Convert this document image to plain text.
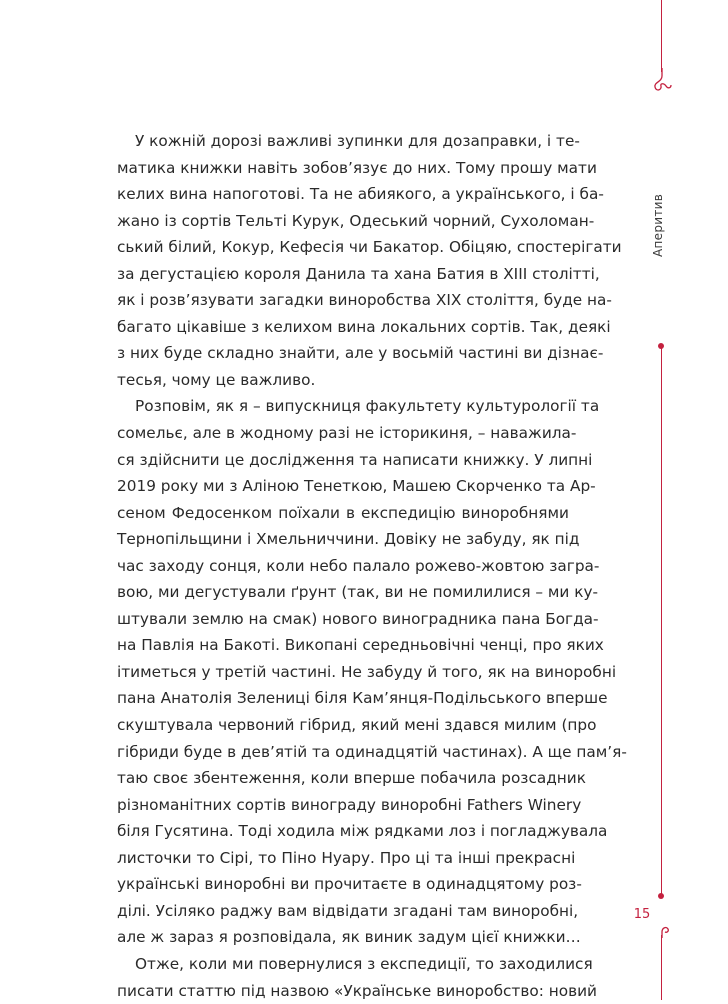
Аперитив
15
У кожній дорозі важливі зупинки для дозаправки, і те-
матика книжки навіть зобов’язує до них. Тому прошу мати
келих вина напоготові. Та не абиякого, а українського, і ба-
жано із сортів Тельті Курук, Одеський чорний, Сухоломан-
ський білий, Кокур, Кефесія чи Бакатор. Обіцяю, спостерігати
за дегустацією короля Данила та хана Батия в XIII столітті,
як і розв’язувати загадки виноробства XIX століття, буде на-
багато цікавіше з келихом вина локальних сортів. Так, деякі
з них буде складно знайти, але у восьмій частині ви дізнає-
тесья, чому це важливо.
Розповім, як я – випускниця факультету культурології та
сомельє, але в жодному разі не історикиня, – наважила-
ся здійснити це дослідження та написати книжку. У липні
2019 року ми з Аліною Тенеткою, Машею Скорченко та Ар-
сеном Федосенком поїхали в експедицію виноробнями
Тернопільщини і Хмельниччини. Довіку не забуду, як під
час заходу сонця, коли небо палало рожево-жовтою загра-
вою, ми дегустували ґрунт (так, ви не помилилися – ми ку-
штували землю на смак) нового виноградника пана Богда-
на Павлія на Бакоті. Викопані середньовічні ченці, про яких
ітиметься у третій частині. Не забуду й того, як на виноробні
пана Анатолія Зелениці біля Кам’янця-Подільського вперше
скуштувала червоний гібрид, який мені здався милим (про
гібриди буде в дев’ятій та одинадцятій частинах). А ще пам’я-
таю своє збентеження, коли вперше побачила розсадник
різноманітних сортів винограду виноробні Fathers Winery
біля Гусятина. Тоді ходила між рядками лоз і погладжувала
листочки то Сірі, то Піно Нуару. Про ці та інші прекрасні
українські виноробні ви прочитаєте в одинадцятому роз-
ділі. Усіляко раджу вам відвідати згадані там виноробні,
але ж зараз я розповідала, як виник задум цієї книжки…
Отже, коли ми повернулися з експедиції, то заходилися
писати статтю під назвою «Українське виноробство: новий
